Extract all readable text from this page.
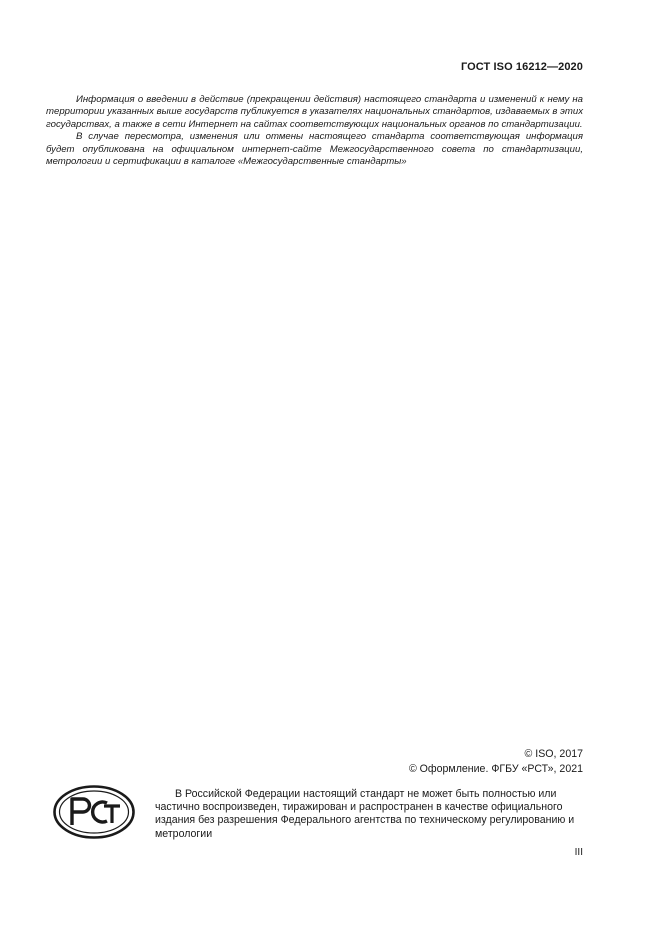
ГОСТ ISO 16212—2020

Информация о введении в действие (прекращении действия) настоящего стандарта и изменений к нему на территории указанных выше государств публикуется в указателях национальных стандартов, издаваемых в этих государствах, а также в сети Интернет на сайтах соответствующих национальных органов по стандартизации.

В случае пересмотра, изменения или отмены настоящего стандарта соответствующая информация будет опубликована на официальном интернет-сайте Межгосударственного совета по стандартизации, метрологии и сертификации в каталоге «Межгосударственные стандарты»

© ISO, 2017
© Оформление. ФГБУ «РСТ», 2021

В Российской Федерации настоящий стандарт не может быть полностью или частично воспроизведен, тиражирован и распространен в качестве официального издания без разрешения Федерального агентства по техническому регулированию и метрологии

III
